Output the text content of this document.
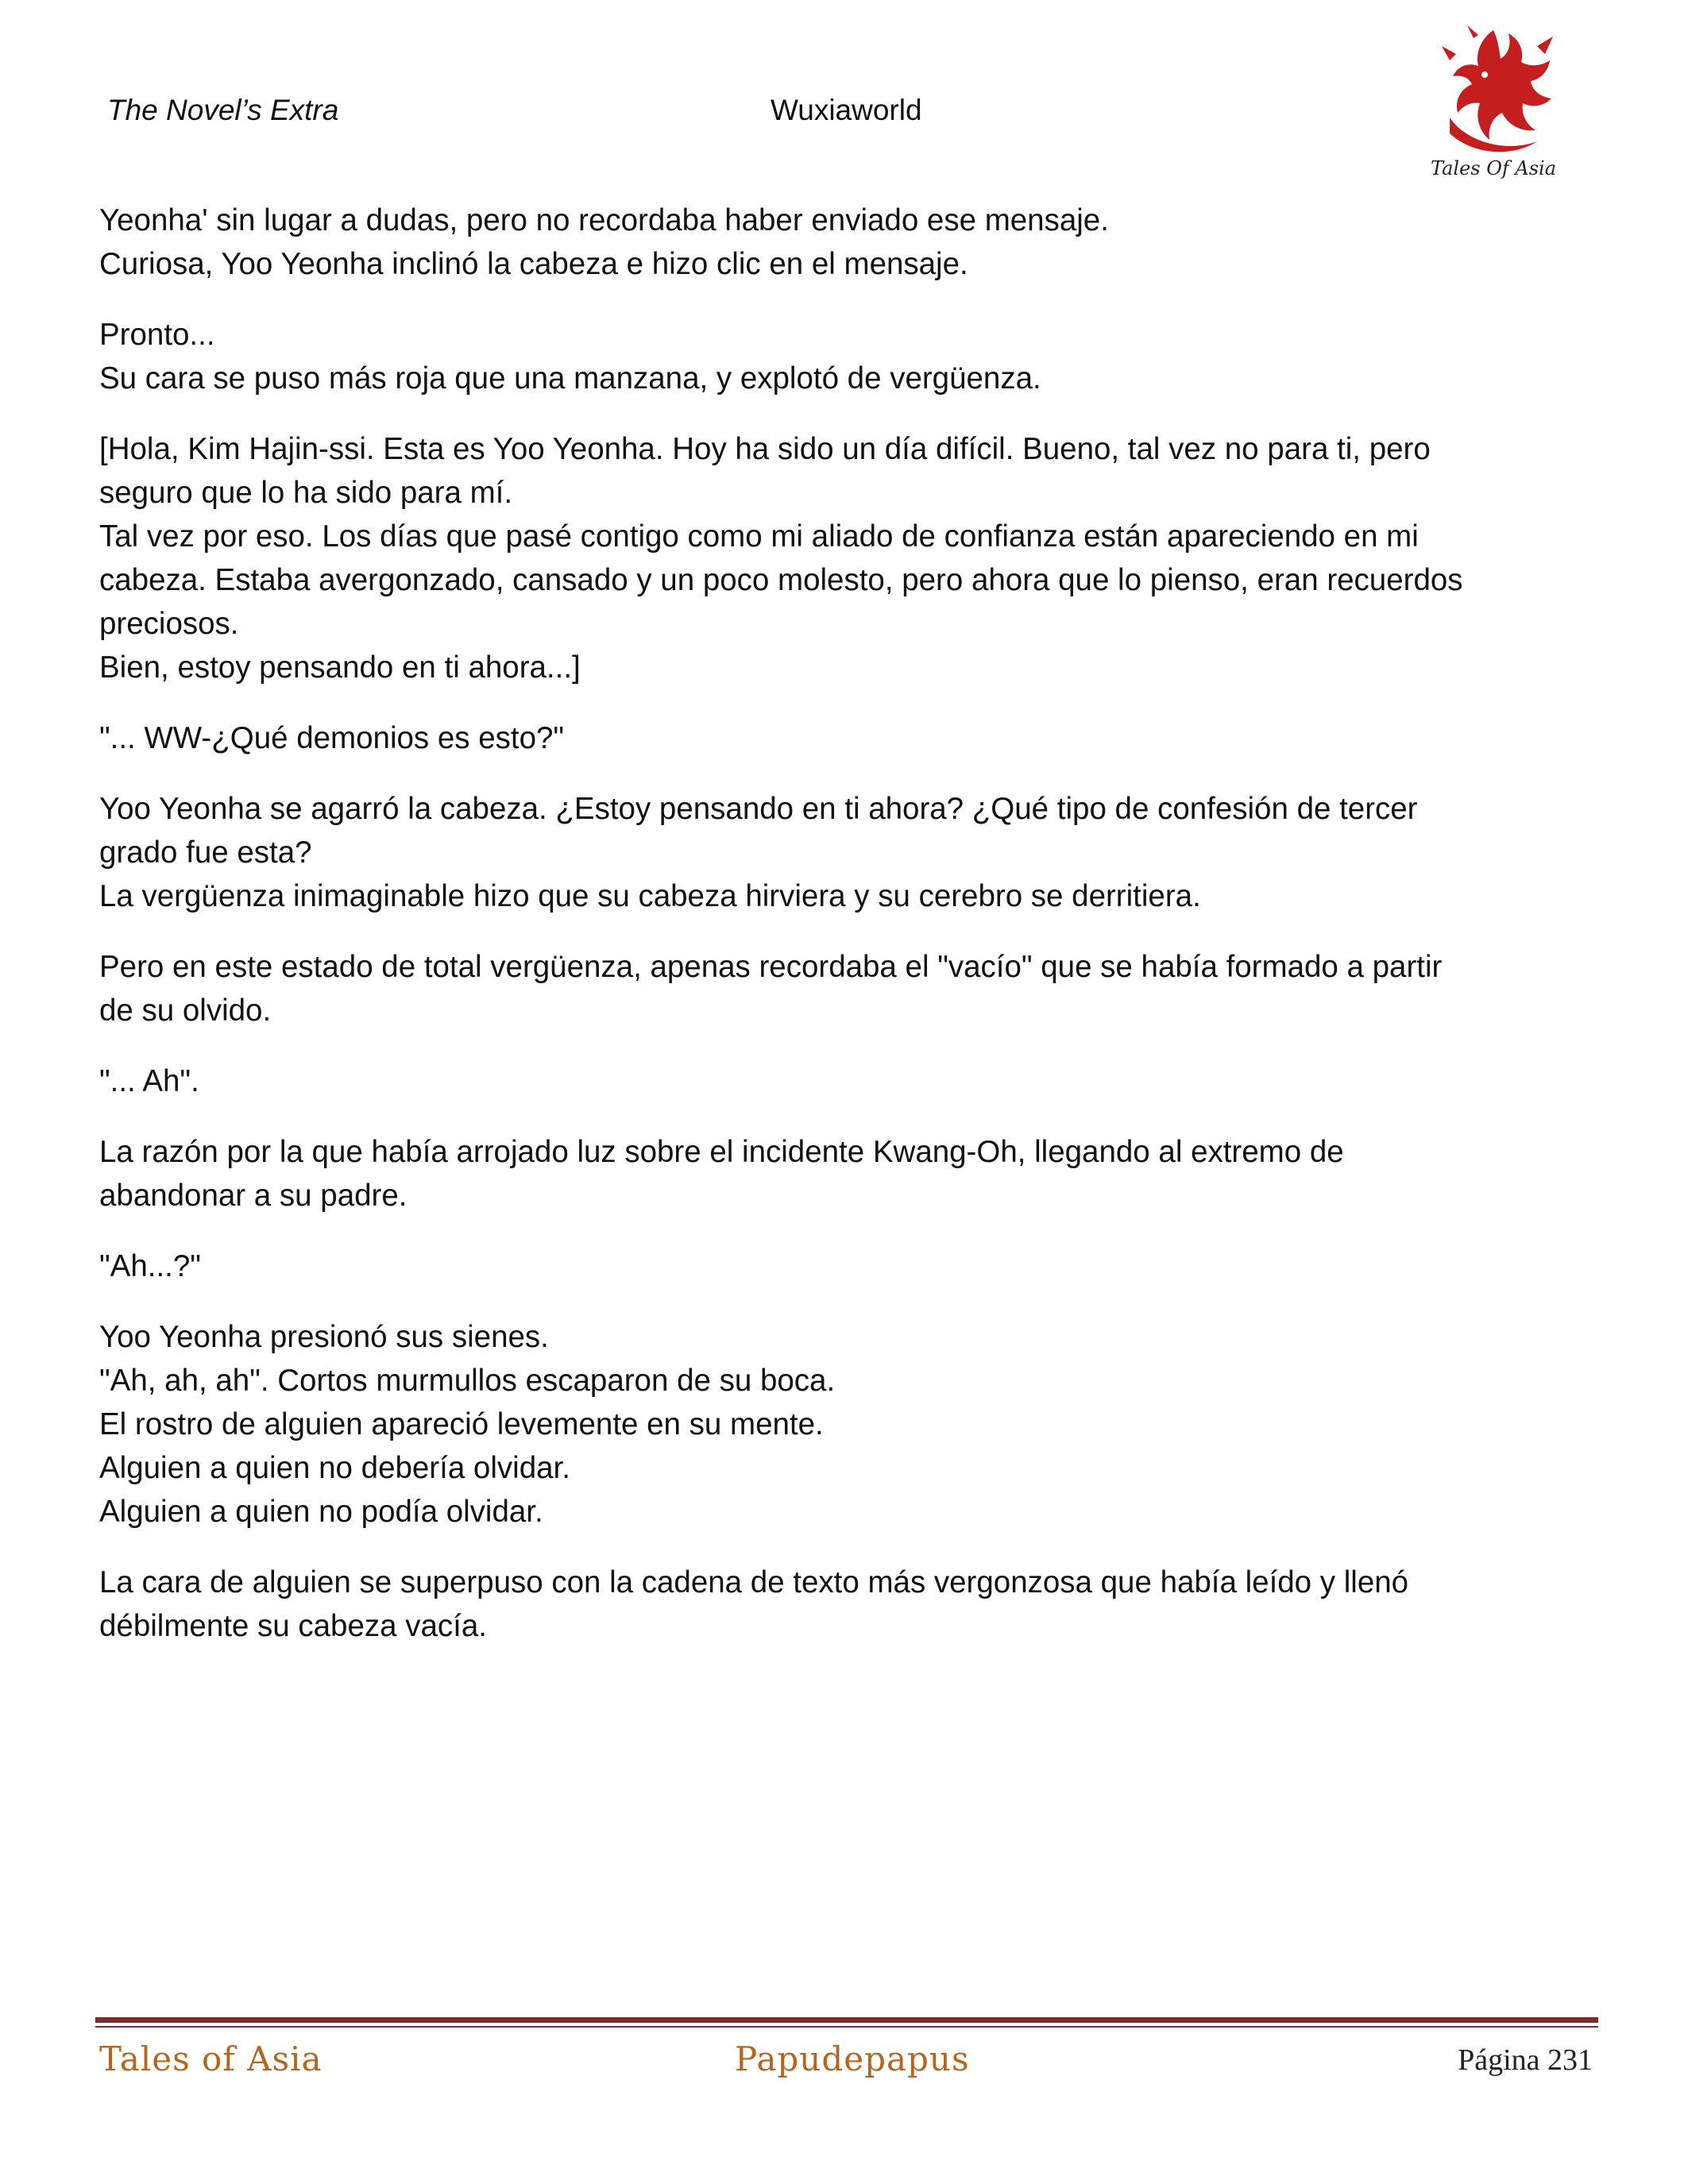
The Novel’s Extra	Wuxiaworld
Tales Of Asia
Yeonha' sin lugar a dudas, pero no recordaba haber enviado ese mensaje.
Curiosa, Yoo Yeonha inclinó la cabeza e hizo clic en el mensaje.
Pronto...
Su cara se puso más roja que una manzana, y explotó de vergüenza.
[Hola, Kim Hajin-ssi. Esta es Yoo Yeonha. Hoy ha sido un día difícil. Bueno, tal vez no para ti, pero
seguro que lo ha sido para mí.
Tal vez por eso. Los días que pasé contigo como mi aliado de confianza están apareciendo en mi
cabeza. Estaba avergonzado, cansado y un poco molesto, pero ahora que lo pienso, eran recuerdos
preciosos.
Bien, estoy pensando en ti ahora...]
"... WW-¿Qué demonios es esto?"
Yoo Yeonha se agarró la cabeza. ¿Estoy pensando en ti ahora? ¿Qué tipo de confesión de tercer
grado fue esta?
La vergüenza inimaginable hizo que su cabeza hirviera y su cerebro se derritiera.
Pero en este estado de total vergüenza, apenas recordaba el "vacío" que se había formado a partir
de su olvido.
"... Ah".
La razón por la que había arrojado luz sobre el incidente Kwang-Oh, llegando al extremo de
abandonar a su padre.
"Ah...?"
Yoo Yeonha presionó sus sienes.
"Ah, ah, ah". Cortos murmullos escaparon de su boca.
El rostro de alguien apareció levemente en su mente.
Alguien a quien no debería olvidar.
Alguien a quien no podía olvidar.
La cara de alguien se superpuso con la cadena de texto más vergonzosa que había leído y llenó
débilmente su cabeza vacía.
Tales of Asia	Papudepapus	Página 231
